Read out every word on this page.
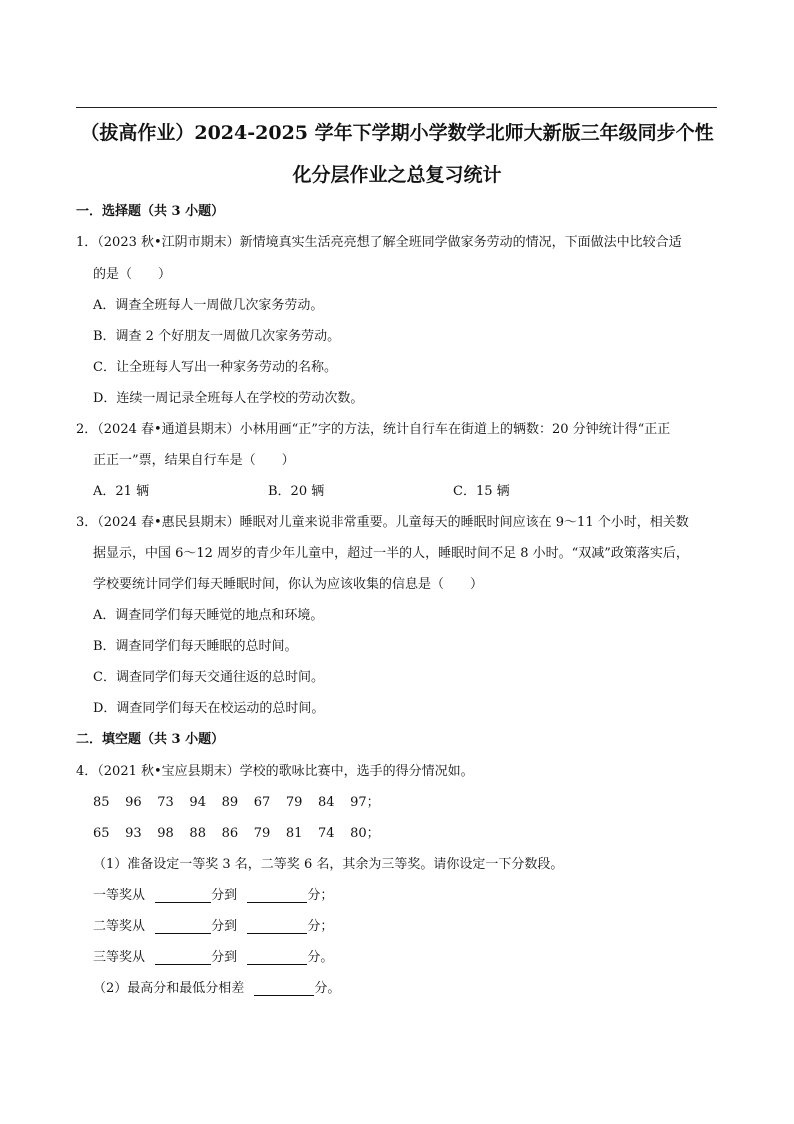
（拔高作业）2024-2025 学年下学期小学数学北师大新版三年级同步个性
化分层作业之总复习统计
一．选择题（共 3 小题）
1．（2023 秋•江阴市期末）新情境真实生活亮亮想了解全班同学做家务劳动的情况，下面做法中比较合适
的是（　　）
A．调查全班每人一周做几次家务劳动。
B．调查 2 个好朋友一周做几次家务劳动。
C．让全班每人写出一种家务劳动的名称。
D．连续一周记录全班每人在学校的劳动次数。
2．（2024 春•通道县期末）小林用画“正”字的方法，统计自行车在街道上的辆数：20 分钟统计得“正正
正正一”票，结果自行车是（　　）
A．21 辆	B．20 辆	C．15 辆
3．（2024 春•惠民县期末）睡眠对儿童来说非常重要。儿童每天的睡眠时间应该在 9～11 个小时，相关数
据显示，中国 6～12 周岁的青少年儿童中，超过一半的人，睡眠时间不足 8 小时。“双减”政策落实后，
学校要统计同学们每天睡眠时间，你认为应该收集的信息是（　　）
A．调查同学们每天睡觉的地点和环境。
B．调查同学们每天睡眠的总时间。
C．调查同学们每天交通往返的总时间。
D．调查同学们每天在校运动的总时间。
二．填空题（共 3 小题）
4．（2021 秋•宝应县期末）学校的歌咏比赛中，选手的得分情况如。
85 96 73 94 89 67 79 84 97；
65 93 98 88 86 79 81 74 80；
（1）准备设定一等奖 3 名，二等奖 6 名，其余为三等奖。请你设定一下分数段。
一等奖从	分到	分；
二等奖从	分到	分；
三等奖从	分到	分。
（2）最高分和最低分相差	分。
